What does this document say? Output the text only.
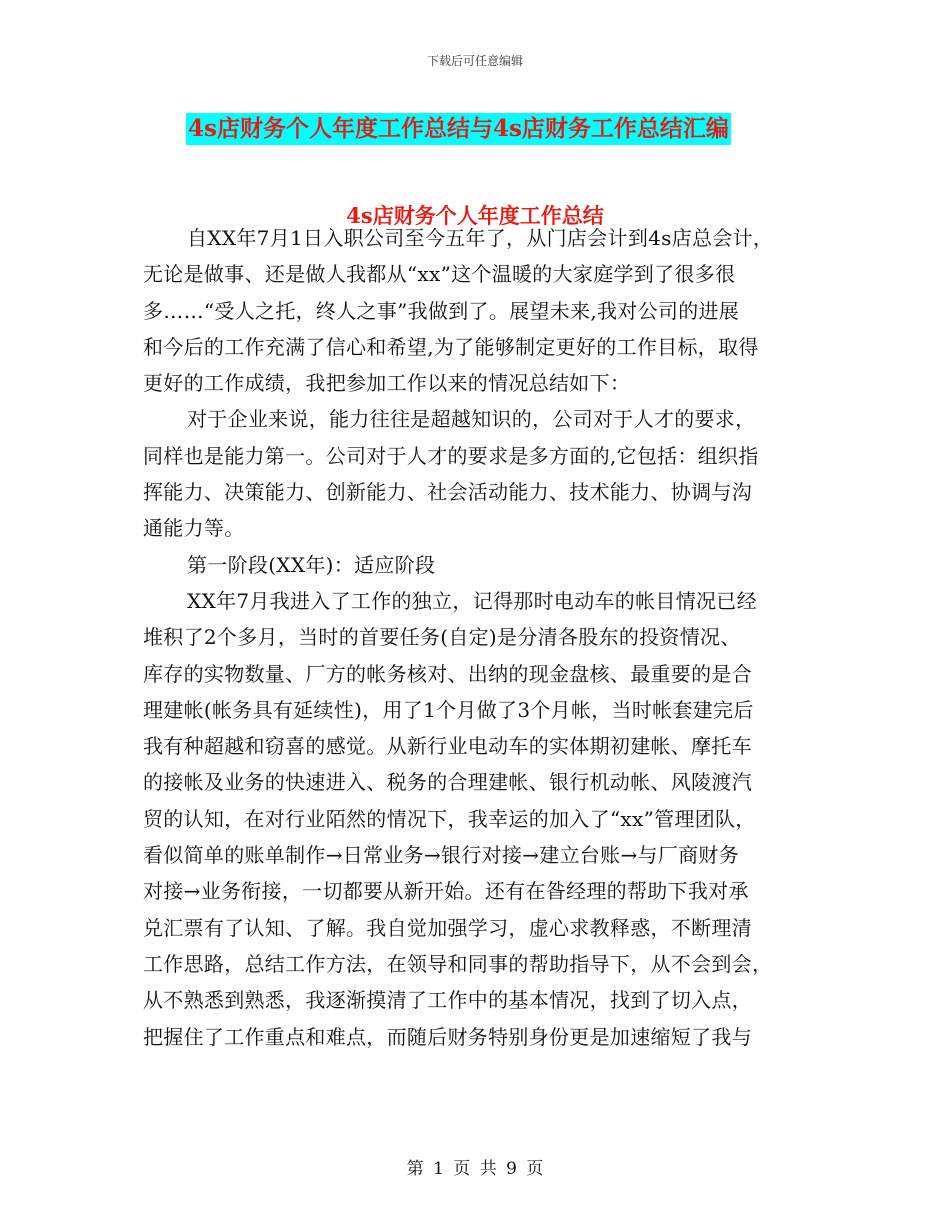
下载后可任意编辑
4s店财务个人年度工作总结与4s店财务工作总结汇编
4s店财务个人年度工作总结
自XX年7月1日入职公司至今五年了，从门店会计到4s店总会计，
无论是做事、还是做人我都从“xx”这个温暖的大家庭学到了很多很
多……“受人之托，终人之事”我做到了。展望未来,我对公司的进展
和今后的工作充满了信心和希望,为了能够制定更好的工作目标，取得
更好的工作成绩，我把参加工作以来的情况总结如下：
对于企业来说，能力往往是超越知识的，公司对于人才的要求，
同样也是能力第一。公司对于人才的要求是多方面的,它包括：组织指
挥能力、决策能力、创新能力、社会活动能力、技术能力、协调与沟
通能力等。
第一阶段(XX年)：适应阶段
XX年7月我进入了工作的独立，记得那时电动车的帐目情况已经
堆积了2个多月，当时的首要任务(自定)是分清各股东的投资情况、
库存的实物数量、厂方的帐务核对、出纳的现金盘核、最重要的是合
理建帐(帐务具有延续性)，用了1个月做了3个月帐，当时帐套建完后
我有种超越和窃喜的感觉。从新行业电动车的实体期初建帐、摩托车
的接帐及业务的快速进入、税务的合理建帐、银行机动帐、风陵渡汽
贸的认知，在对行业陌然的情况下，我幸运的加入了“xx”管理团队，
看似简单的账单制作→日常业务→银行对接→建立台账→与厂商财务
对接→业务衔接，一切都要从新开始。还有在昝经理的帮助下我对承
兑汇票有了认知、了解。我自觉加强学习，虚心求教释惑，不断理清
工作思路，总结工作方法，在领导和同事的帮助指导下，从不会到会，
从不熟悉到熟悉，我逐渐摸清了工作中的基本情况，找到了切入点，
把握住了工作重点和难点，而随后财务特别身份更是加速缩短了我与
第 1 页 共 9 页
